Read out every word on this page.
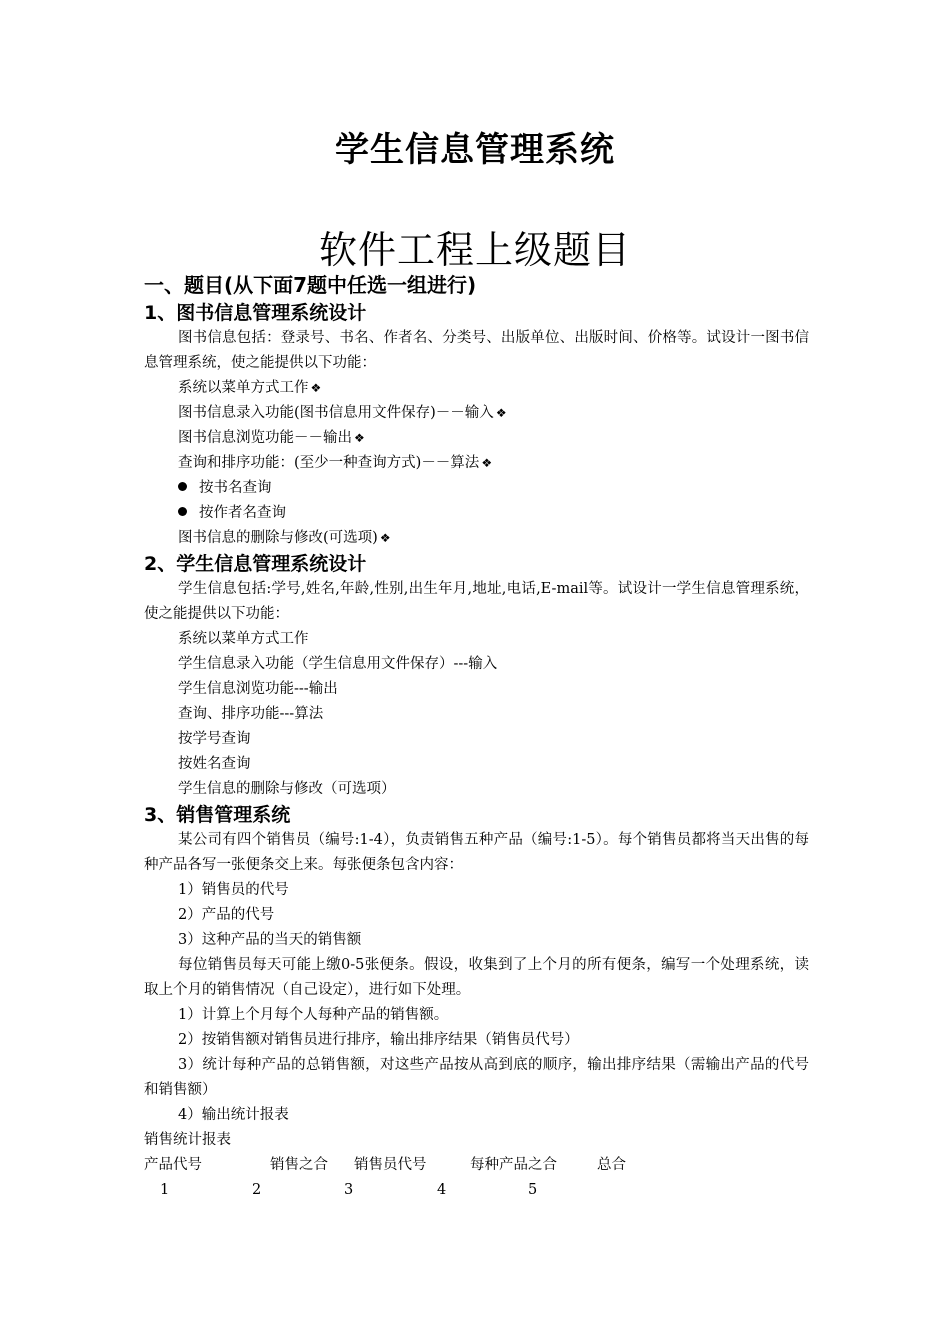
学生信息管理系统
软件工程上级题目

一、题目(从下面7题中任选一组进行)

1、图书信息管理系统设计

图书信息包括：登录号、书名、作者名、分类号、出版单位、出版时间、价格等。试设计一图书信息管理系统，使之能提供以下功能：

系统以菜单方式工作 ❖

图书信息录入功能(图书信息用文件保存)－－输入 ❖

图书信息浏览功能－－输出 ❖

查询和排序功能：(至少一种查询方式)－－算法 ❖

按书名查询

按作者名查询

图书信息的删除与修改(可选项) ❖

2、学生信息管理系统设计

学生信息包括:学号,姓名,年龄,性别,出生年月,地址,电话,E-mail等。试设计一学生信息管理系统，使之能提供以下功能：

系统以菜单方式工作

学生信息录入功能（学生信息用文件保存）---输入

学生信息浏览功能---输出

查询、排序功能---算法

按学号查询

按姓名查询

学生信息的删除与修改（可选项）

3、销售管理系统

某公司有四个销售员（编号:1-4），负责销售五种产品（编号:1-5）。每个销售员都将当天出售的每种产品各写一张便条交上来。每张便条包含内容：

1）销售员的代号

2）产品的代号

3）这种产品的当天的销售额

每位销售员每天可能上缴0-5张便条。假设，收集到了上个月的所有便条，编写一个处理系统，读取上个月的销售情况（自己设定），进行如下处理。

1）计算上个月每个人每种产品的销售额。

2）按销售额对销售员进行排序，输出排序结果（销售员代号）

3）统计每种产品的总销售额，对这些产品按从高到底的顺序，输出排序结果（需输出产品的代号和销售额）

4）输出统计报表

销售统计报表

产品代号	销售之合 销售员代号	每种产品之合	总合
1	2	3	4	5
